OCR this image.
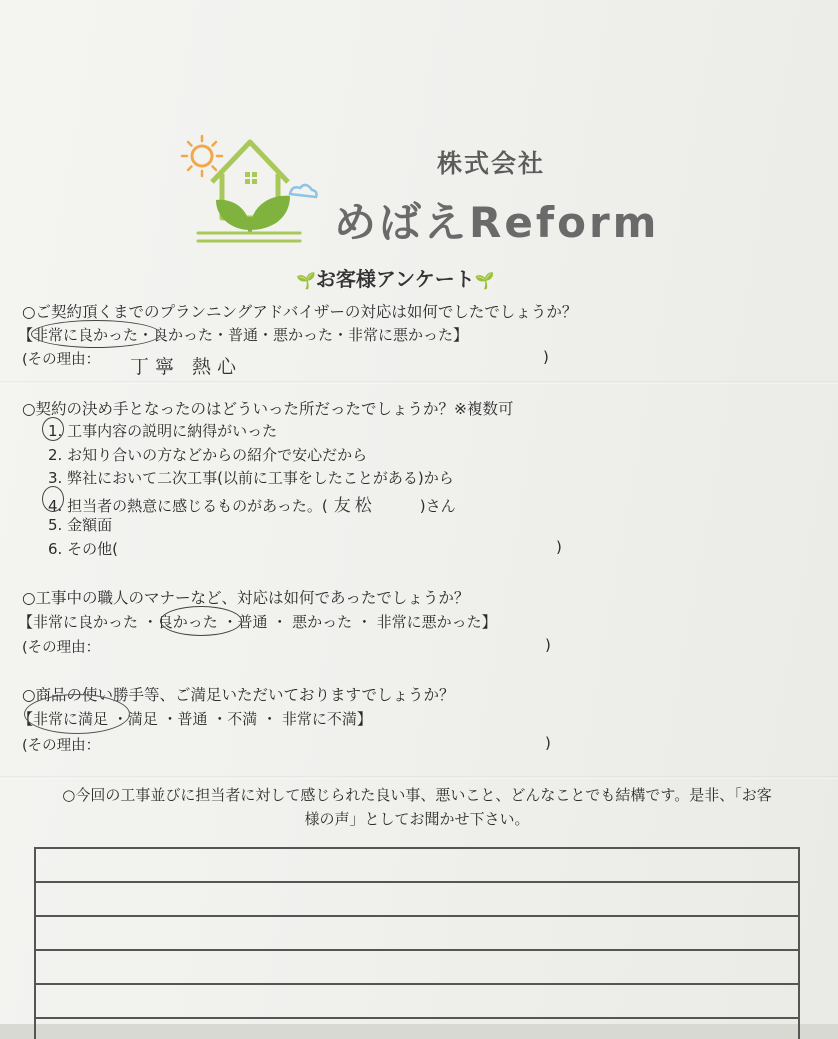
株式会社
めばえReform
🌱お客様アンケート🌱
○ご契約頂くまでのプランニングアドバイザーの対応は如何でしたでしょうか？
【非常に良かった・良かった・普通・悪かった・非常に悪かった】
(その理由： 丁寧 熱心	)
○契約の決め手となったのはどういった所だったでしょうか？※複数可
1. 工事内容の説明に納得がいった
2. お知り合いの方などからの紹介で安心だから
3. 弊社において二次工事(以前に工事をしたことがある)から
4. 担当者の熱意に感じるものがあった。( 友松	)さん
5. 金額面
6. その他(	)
○工事中の職人のマナーなど、対応は如何であったでしょうか？
【非常に良かった ・良かった ・普通 ・ 悪かった ・ 非常に悪かった】
(その理由：	)
○商品の使い勝手等、ご満足いただいておりますでしょうか？
【非常に満足 ・満足 ・普通 ・不満 ・ 非常に不満】
(その理由：	)
○今回の工事並びに担当者に対して感じられた良い事、悪いこと、どんなことでも結構です。是非、「お客
様の声」としてお聞かせ下さい。
